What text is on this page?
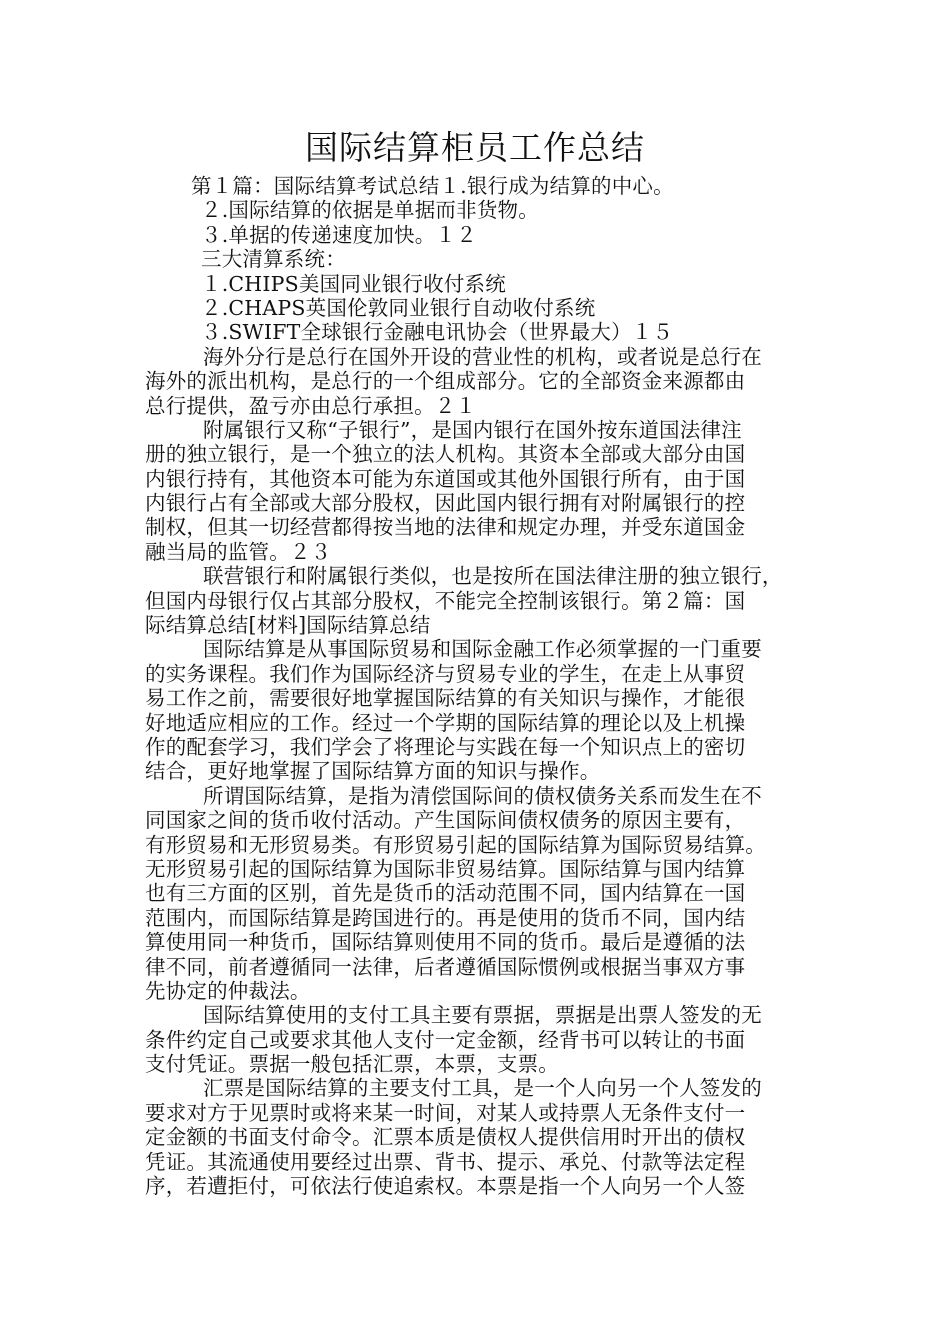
国际结算柜员工作总结
第１篇：国际结算考试总结１.银行成为结算的中心。
２.国际结算的依据是单据而非货物。
３.单据的传递速度加快。１２
三大清算系统：
１.CHIPS美国同业银行收付系统
２.CHAPS英国伦敦同业银行自动收付系统
３.SWIFT全球银行金融电讯协会（世界最大）１５
海外分行是总行在国外开设的营业性的机构，或者说是总行在
海外的派出机构，是总行的一个组成部分。它的全部资金来源都由
总行提供，盈亏亦由总行承担。２１
附属银行又称“子银行”，是国内银行在国外按东道国法律注
册的独立银行，是一个独立的法人机构。其资本全部或大部分由国
内银行持有，其他资本可能为东道国或其他外国银行所有，由于国
内银行占有全部或大部分股权，因此国内银行拥有对附属银行的控
制权，但其一切经营都得按当地的法律和规定办理，并受东道国金
融当局的监管。２３
联营银行和附属银行类似，也是按所在国法律注册的独立银行，
但国内母银行仅占其部分股权，不能完全控制该银行。第２篇：国
际结算总结[材料]国际结算总结
国际结算是从事国际贸易和国际金融工作必须掌握的一门重要
的实务课程。我们作为国际经济与贸易专业的学生，在走上从事贸
易工作之前，需要很好地掌握国际结算的有关知识与操作，才能很
好地适应相应的工作。经过一个学期的国际结算的理论以及上机操
作的配套学习，我们学会了将理论与实践在每一个知识点上的密切
结合，更好地掌握了国际结算方面的知识与操作。
所谓国际结算，是指为清偿国际间的债权债务关系而发生在不
同国家之间的货币收付活动。产生国际间债权债务的原因主要有，
有形贸易和无形贸易类。有形贸易引起的国际结算为国际贸易结算。
无形贸易引起的国际结算为国际非贸易结算。国际结算与国内结算
也有三方面的区别，首先是货币的活动范围不同，国内结算在一国
范围内，而国际结算是跨国进行的。再是使用的货币不同，国内结
算使用同一种货币，国际结算则使用不同的货币。最后是遵循的法
律不同，前者遵循同一法律，后者遵循国际惯例或根据当事双方事
先协定的仲裁法。
国际结算使用的支付工具主要有票据，票据是出票人签发的无
条件约定自己或要求其他人支付一定金额，经背书可以转让的书面
支付凭证。票据一般包括汇票，本票，支票。
汇票是国际结算的主要支付工具，是一个人向另一个人签发的
要求对方于见票时或将来某一时间，对某人或持票人无条件支付一
定金额的书面支付命令。汇票本质是债权人提供信用时开出的债权
凭证。其流通使用要经过出票、背书、提示、承兑、付款等法定程
序，若遭拒付，可依法行使追索权。本票是指一个人向另一个人签
